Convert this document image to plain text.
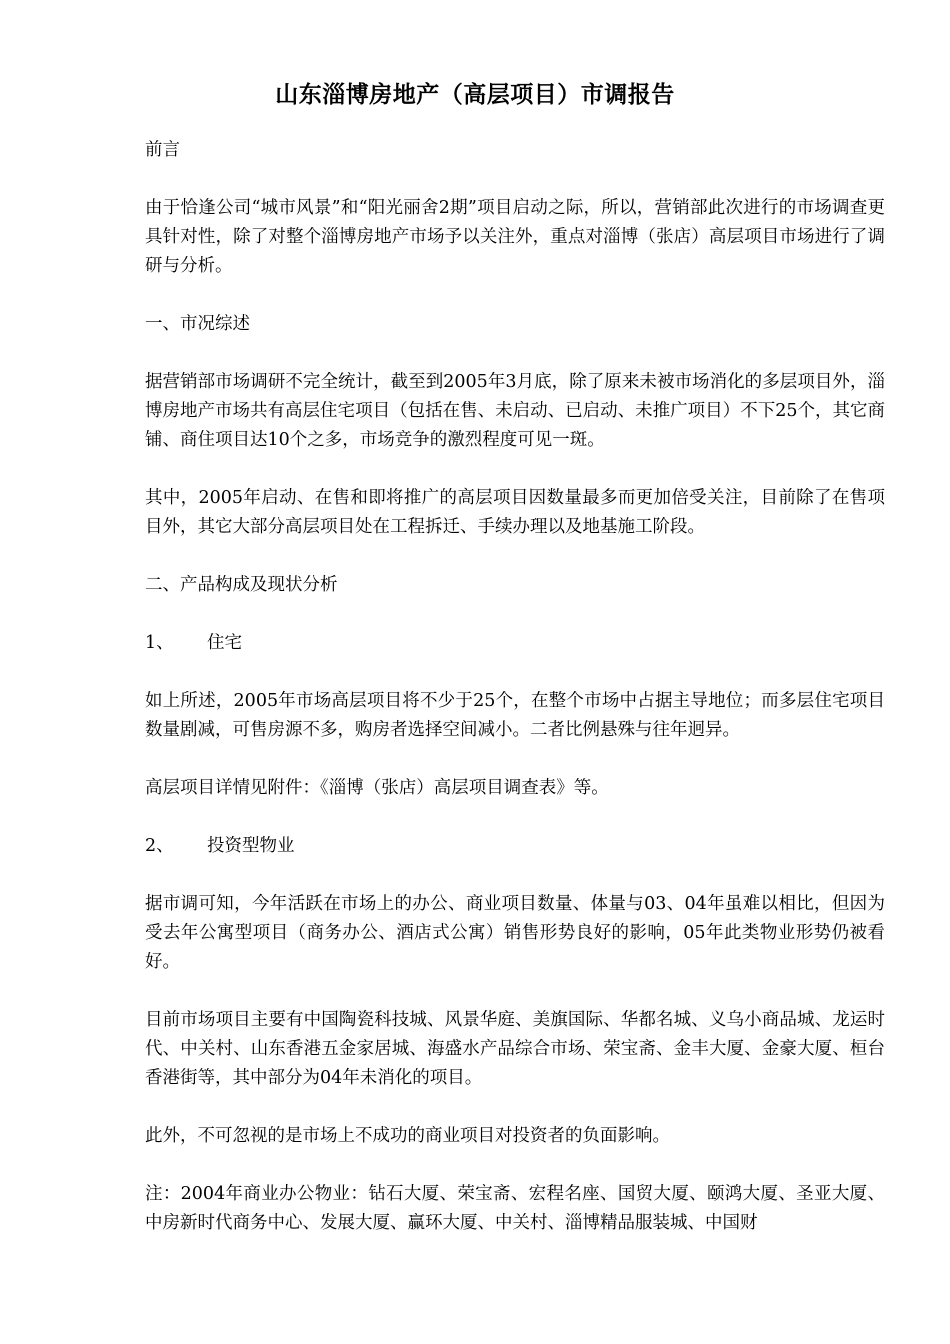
山东淄博房地产（高层项目）市调报告

前言

由于恰逢公司“城市风景”和“阳光丽舍2期”项目启动之际，所以，营销部此次进行的市场调查更具针对性，除了对整个淄博房地产市场予以关注外，重点对淄博（张店）高层项目市场进行了调研与分析。

一、市况综述

据营销部市场调研不完全统计，截至到2005年3月底，除了原来未被市场消化的多层项目外，淄博房地产市场共有高层住宅项目（包括在售、未启动、已启动、未推广项目）不下25个，其它商铺、商住项目达10个之多，市场竞争的激烈程度可见一斑。

其中，2005年启动、在售和即将推广的高层项目因数量最多而更加倍受关注，目前除了在售项目外，其它大部分高层项目处在工程拆迁、手续办理以及地基施工阶段。

二、产品构成及现状分析

1、 住宅

如上所述，2005年市场高层项目将不少于25个，在整个市场中占据主导地位；而多层住宅项目数量剧减，可售房源不多，购房者选择空间减小。二者比例悬殊与往年迥异。

高层项目详情见附件：《淄博（张店）高层项目调查表》等。

2、 投资型物业

据市调可知，今年活跃在市场上的办公、商业项目数量、体量与03、04年虽难以相比，但因为受去年公寓型项目（商务办公、酒店式公寓）销售形势良好的影响，05年此类物业形势仍被看好。

目前市场项目主要有中国陶瓷科技城、风景华庭、美旗国际、华都名城、义乌小商品城、龙运时代、中关村、山东香港五金家居城、海盛水产品综合市场、荣宝斋、金丰大厦、金豪大厦、桓台香港街等，其中部分为04年未消化的项目。

此外，不可忽视的是市场上不成功的商业项目对投资者的负面影响。

注：2004年商业办公物业：钻石大厦、荣宝斋、宏程名座、国贸大厦、颐鸿大厦、圣亚大厦、中房新时代商务中心、发展大厦、赢环大厦、中关村、淄博精品服装城、中国财
